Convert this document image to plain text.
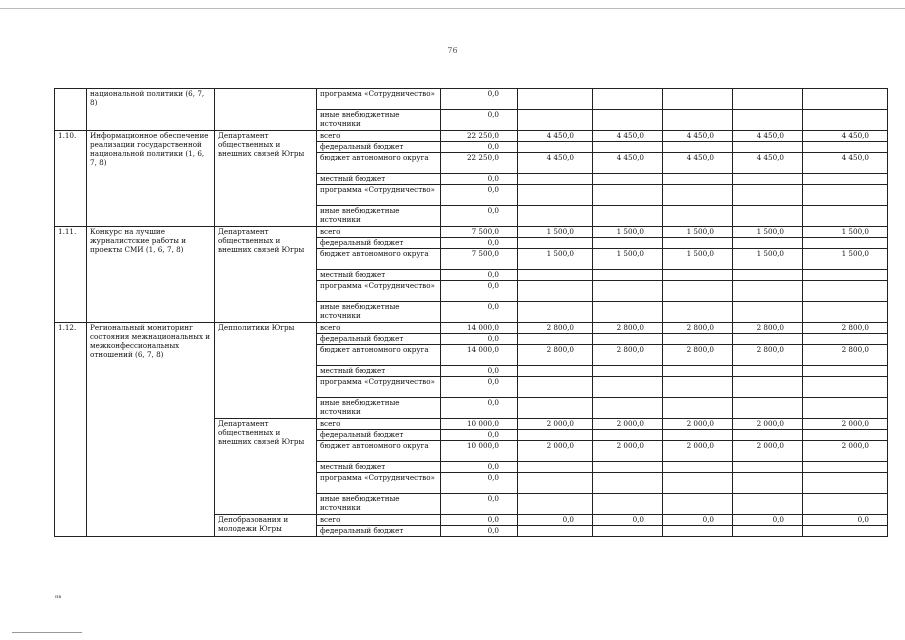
76
	национальной политики (6, 7, 8)		программа «Сотрудничество»	0,0					
			иные внебюджетные источники	0,0					
1.10.	Информационное обеспечение реализации государственной национальной политики (1, 6, 7, 8)	Департамент общественных и внешних связей Югры	всего	22 250,0	4 450,0	4 450,0	4 450,0	4 450,0	4 450,0
			федеральный бюджет	0,0					
			бюджет автономного округа	22 250,0	4 450,0	4 450,0	4 450,0	4 450,0	4 450,0
			местный бюджет	0,0					
			программа «Сотрудничество»	0,0					
			иные внебюджетные источники	0,0					
1.11.	Конкурс на лучшие журналистские работы и проекты СМИ (1, 6, 7, 8)	Департамент общественных и внешних связей Югры	всего	7 500,0	1 500,0	1 500,0	1 500,0	1 500,0	1 500,0
			федеральный бюджет	0,0					
			бюджет автономного округа	7 500,0	1 500,0	1 500,0	1 500,0	1 500,0	1 500,0
			местный бюджет	0,0					
			программа «Сотрудничество»	0,0					
			иные внебюджетные источники	0,0					
1.12.	Региональный мониторинг состояния межнациональных и межконфессиональных отношений (6, 7, 8)	Депполитики Югры	всего	14 000,0	2 800,0	2 800,0	2 800,0	2 800,0	2 800,0
			федеральный бюджет	0,0					
			бюджет автономного округа	14 000,0	2 800,0	2 800,0	2 800,0	2 800,0	2 800,0
			местный бюджет	0,0					
			программа «Сотрудничество»	0,0					
			иные внебюджетные источники	0,0					
		Департамент общественных и внешних связей Югры	всего	10 000,0	2 000,0	2 000,0	2 000,0	2 000,0	2 000,0
			федеральный бюджет	0,0					
			бюджет автономного округа	10 000,0	2 000,0	2 000,0	2 000,0	2 000,0	2 000,0
			местный бюджет	0,0					
			программа «Сотрудничество»	0,0					
			иные внебюджетные источники	0,0					
		Депобразования и молодежи Югры	всего	0,0	0,0	0,0	0,0	0,0	0,0
			федеральный бюджет	0,0					
нв
